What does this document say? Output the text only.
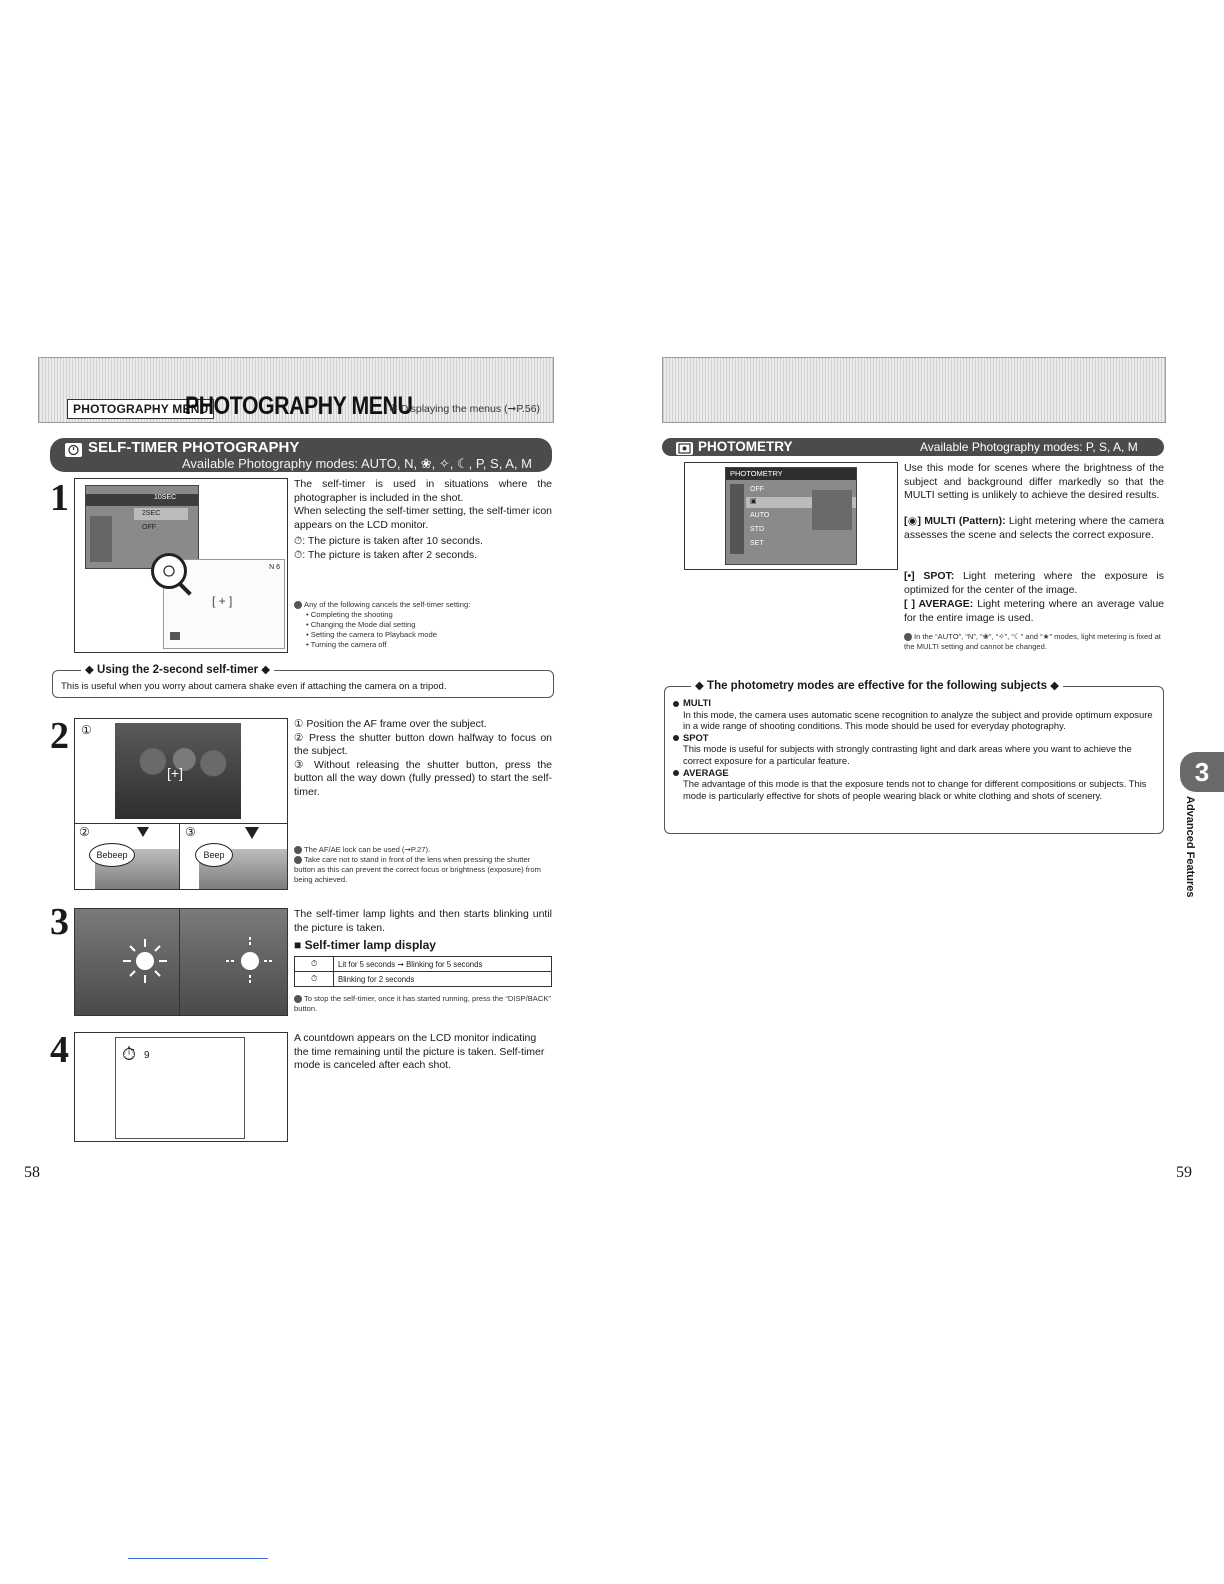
PHOTOGRAPHY MENU
PHOTOGRAPHY MENU
✻ Displaying the menus (➞P.56)
SELF-TIMER PHOTOGRAPHY
Available Photography modes: AUTO, N, ❀, ✧, ☾, P, S, A, M
1	10SEC
2SEC
OFF
N 6
[ + ]
The self-timer is used in situations where the photographer is included in the shot.
When selecting the self-timer setting, the self-timer icon appears on the LCD monitor.
⏱: The picture is taken after 10 seconds.
⏱: The picture is taken after 2 seconds.
Any of the following cancels the self-timer setting:
• Completing the shooting
• Changing the Mode dial setting
• Setting the camera to Playback mode
• Turning the camera off
◆ Using the 2-second self-timer ◆
This is useful when you worry about camera shake even if attaching the camera on a tripod.
2 ①
[+]
②	③
Bebeep	Beep
① Position the AF frame over the subject.
② Press the shutter button down halfway to focus on the subject.
③ Without releasing the shutter button, press the button all the way down (fully pressed) to start the self-timer.
The AF/AE lock can be used (➞P.27).
Take care not to stand in front of the lens when pressing the shutter button as this can prevent the correct focus or brightness (exposure) from being achieved.
3	The self-timer lamp lights and then starts blinking until the picture is taken.
■ Self-timer lamp display
⏱	Lit for 5 seconds ➞ Blinking for 5 seconds
⏱	Blinking for 2 seconds
To stop the self-timer, once it has started running, press the “DISP/BACK” button.
4	⏱ 9
A countdown appears on the LCD monitor indicating the time remaining until the picture is taken. Self-timer mode is canceled after each shot.
58
PHOTOMETRY	Available Photography modes: P, S, A, M
PHOTOMETRY
OFF
▣
AUTO
STD
SET
Use this mode for scenes where the brightness of the subject and background differ markedly so that the MULTI setting is unlikely to achieve the desired results.
[◉] MULTI (Pattern): Light metering where the camera assesses the scene and selects the correct exposure.
[•] SPOT: Light metering where the exposure is optimized for the center of the image.
[ ] AVERAGE: Light metering where an average value for the entire image is used.
In the “AUTO”, “N”, “❀”, “✧”, “☾” and “★” modes, light metering is fixed at the MULTI setting and cannot be changed.
◆ The photometry modes are effective for the following subjects ◆
MULTI
In this mode, the camera uses automatic scene recognition to analyze the subject and provide optimum exposure in a wide range of shooting conditions. This mode should be used for everyday photography.
SPOT
This mode is useful for subjects with strongly contrasting light and dark areas where you want to achieve the correct exposure for a particular feature.
AVERAGE
The advantage of this mode is that the exposure tends not to change for different compositions or subjects. This mode is particularly effective for shots of people wearing black or white clothing and shots of scenery.
3
Advanced Features
59
